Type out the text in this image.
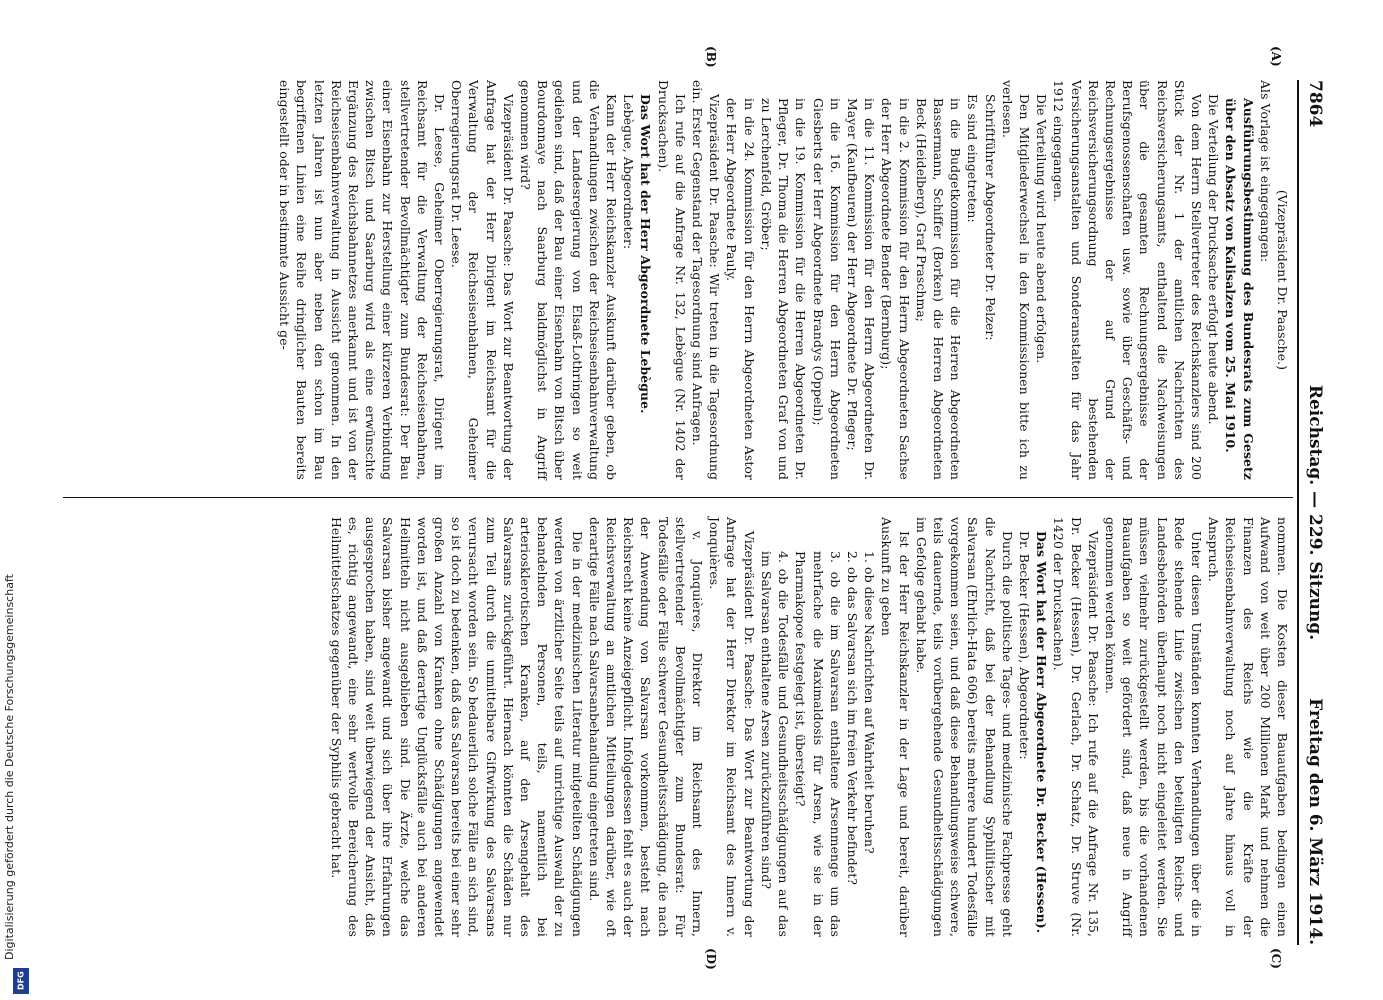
7864
Reichstag. — 229. Sitzung.
Freitag den 6. März 1914.
(A)
(B)
(C)
(D)

(Vizepräsident Dr. Paasche.)

Als Vorlage ist eingegangen:

Ausführungsbestimmung des Bundesrats zum Gesetz über den Absatz von Kalisalzen vom 25. Mai 1910.

Die Verteilung der Drucksache erfolgt heute abend.

Von dem Herrn Stellvertreter des Reichskanzlers sind 200 Stück der Nr. 1 der amtlichen Nachrichten des Reichsversicherungsamts, enthaltend die Nachweisungen über die gesamten Rechnungsergebnisse der Berufsgenossenschaften usw. sowie über Geschäfts- und Rechnungsergebnisse der auf Grund der Reichsversicherungsordnung bestehenden Versicherungsanstalten und Sonderanstalten für das Jahr 1912 eingegangen.

Die Verteilung wird heute abend erfolgen.

Den Mitgliederwechsel in den Kommissionen bitte ich zu verlesen.

Schriftführer Abgeordneter Dr. Pelzer:

Es sind eingetreten:

in die Budgetkommission für die Herren Abgeordneten Bassermann, Schiffer (Borken) die Herren Abgeordneten Beck (Heidelberg), Graf Praschma;

in die 2. Kommission für den Herrn Abgeordneten Sachse der Herr Abgeordnete Bender (Bernburg);

in die 11. Kommission für den Herrn Abgeordneten Dr. Mayer (Kaufbeuren) der Herr Abgeordnete Dr. Pfleger;

in die 16. Kommission für den Herrn Abgeordneten Giesberts der Herr Abgeordnete Brandys (Oppeln);

in die 19. Kommission für die Herren Abgeordneten Dr. Pfleger, Dr. Thoma die Herren Abgeordneten Graf von und zu Lerchenfeld, Gröber;

in die 24. Kommission für den Herrn Abgeordneten Astor der Herr Abgeordnete Pauly.

Vizepräsident Dr. Paasche: Wir treten in die Tagesordnung ein. Erster Gegenstand der Tagesordnung sind Anfragen.

Ich rufe auf die Anfrage Nr. 132, Lebègue (Nr. 1402 der Drucksachen).

Das Wort hat der Herr Abgeordnete Lebègue.

Lebègue, Abgeordneter:

Kann der Herr Reichskanzler Auskunft darüber geben, ob die Verhandlungen zwischen der Reichseisenbahnverwaltung und der Landesregierung von Elsaß-Lothringen so weit gediehen sind, daß der Bau einer Eisenbahn von Bitsch über Bourdonnaye nach Saarburg baldmöglichst in Angriff genommen wird?

Vizepräsident Dr. Paasche: Das Wort zur Beantwortung der Anfrage hat der Herr Dirigent im Reichsamt für die Verwaltung der Reichseisenbahnen, Geheimer Oberregierungsrat Dr. Leese.

Dr. Leese, Geheimer Oberregierungsrat, Dirigent im Reichsamt für die Verwaltung der Reichseisenbahnen, stellvertretender Bevollmächtigter zum Bundesrat: Der Bau einer Eisenbahn zur Herstellung einer kürzeren Verbindung zwischen Bitsch und Saarburg wird als eine erwünschte Ergänzung des Reichsbahnnetzes anerkannt und ist von der Reichseisenbahnverwaltung in Aussicht genommen. In den letzten Jahren ist nun aber neben den schon im Bau begriffenen Linien eine Reihe dringlicher Bauten bereits eingestellt oder in bestimmte Aussicht ge-

nommen. Die Kosten dieser Bauaufgaben bedingen einen Aufwand von weit über 200 Millionen Mark und nehmen die Finanzen des Reichs wie die Kräfte der Reichseisenbahnverwaltung noch auf Jahre hinaus voll in Anspruch.

Unter diesen Umständen konnten Verhandlungen über die in Rede stehende Linie zwischen den beteiligten Reichs- und Landesbehörden überhaupt noch nicht eingeleitet werden. Sie müssen vielmehr zurückgestellt werden, bis die vorhandenen Bauaufgaben so weit gefördert sind, daß neue in Angriff genommen werden können.

Vizepräsident Dr. Paasche: Ich rufe auf die Anfrage Nr. 135, Dr. Becker (Hessen), Dr. Gerlach, Dr. Schatz, Dr. Struve (Nr. 1420 der Drucksachen).

Das Wort hat der Herr Abgeordnete Dr. Becker (Hessen).

Dr. Becker (Hessen), Abgeordneter:

Durch die politische Tages- und medizinische Fachpresse geht die Nachricht, daß bei der Behandlung Syphilitischer mit Salvarsan (Ehrlich-Hata 606) bereits mehrere hundert Todesfälle vorgekommen seien, und daß diese Behandlungsweise schwere, teils dauernde, teils vorübergehende Gesundheitsschädigungen im Gefolge gehabt habe.

Ist der Herr Reichskanzler in der Lage und bereit, darüber Auskunft zu geben

1. ob diese Nachrichten auf Wahrheit beruhen?

2. ob das Salvarsan sich im freien Verkehr befindet?

3. ob die im Salvarsan enthaltene Arsenmenge um das mehrfache die Maximaldosis für Arsen, wie sie in der Pharmakopoe festgelegt ist, übersteigt?

4. ob die Todesfälle und Gesundheitsschädigungen auf das im Salvarsan enthaltene Arsen zurückzuführen sind?

Vizepräsident Dr. Paasche: Das Wort zur Beantwortung der Anfrage hat der Herr Direktor im Reichsamt des Innern v. Jonquières.

v. Jonquières, Direktor im Reichsamt des Innern, stellvertretender Bevollmächtigter zum Bundesrat: Für Todesfälle oder Fälle schwerer Gesundheitsschädigung, die nach der Anwendung von Salvarsan vorkommen, besteht nach Reichsrecht keine Anzeigepflicht. Infolgedessen fehlt es auch der Reichsverwaltung an amtlichen Mitteilungen darüber, wie oft derartige Fälle nach Salvarsanbehandlung eingetreten sind.

Die in der medizinischen Literatur mitgeteilten Schädigungen werden von ärztlicher Seite teils auf unrichtige Auswahl der zu behandelnden Personen, teils, namentlich bei arteriosklerotischen Kranken, auf den Arsengehalt des Salvarsans zurückgeführt. Hiernach könnten die Schäden nur zum Teil durch die unmittelbare Giftwirkung des Salvarsans verursacht worden sein. So bedauerlich solche Fälle an sich sind, so ist doch zu bedenken, daß das Salvarsan bereits bei einer sehr großen Anzahl von Kranken ohne Schädigungen angewendet worden ist, und daß derartige Unglücksfälle auch bei anderen Heilmitteln nicht ausgeblieben sind. Die Ärzte, welche das Salvarsan bisher angewandt und sich über ihre Erfahrungen ausgesprochen haben, sind weit überwiegend der Ansicht, daß es, richtig angewandt, eine sehr wertvolle Bereicherung des Heilmittelschatzes gegenüber der Syphilis gebracht hat.

Digitalisierung gefördert durch die Deutsche Forschungsgemeinschaft
DFG
